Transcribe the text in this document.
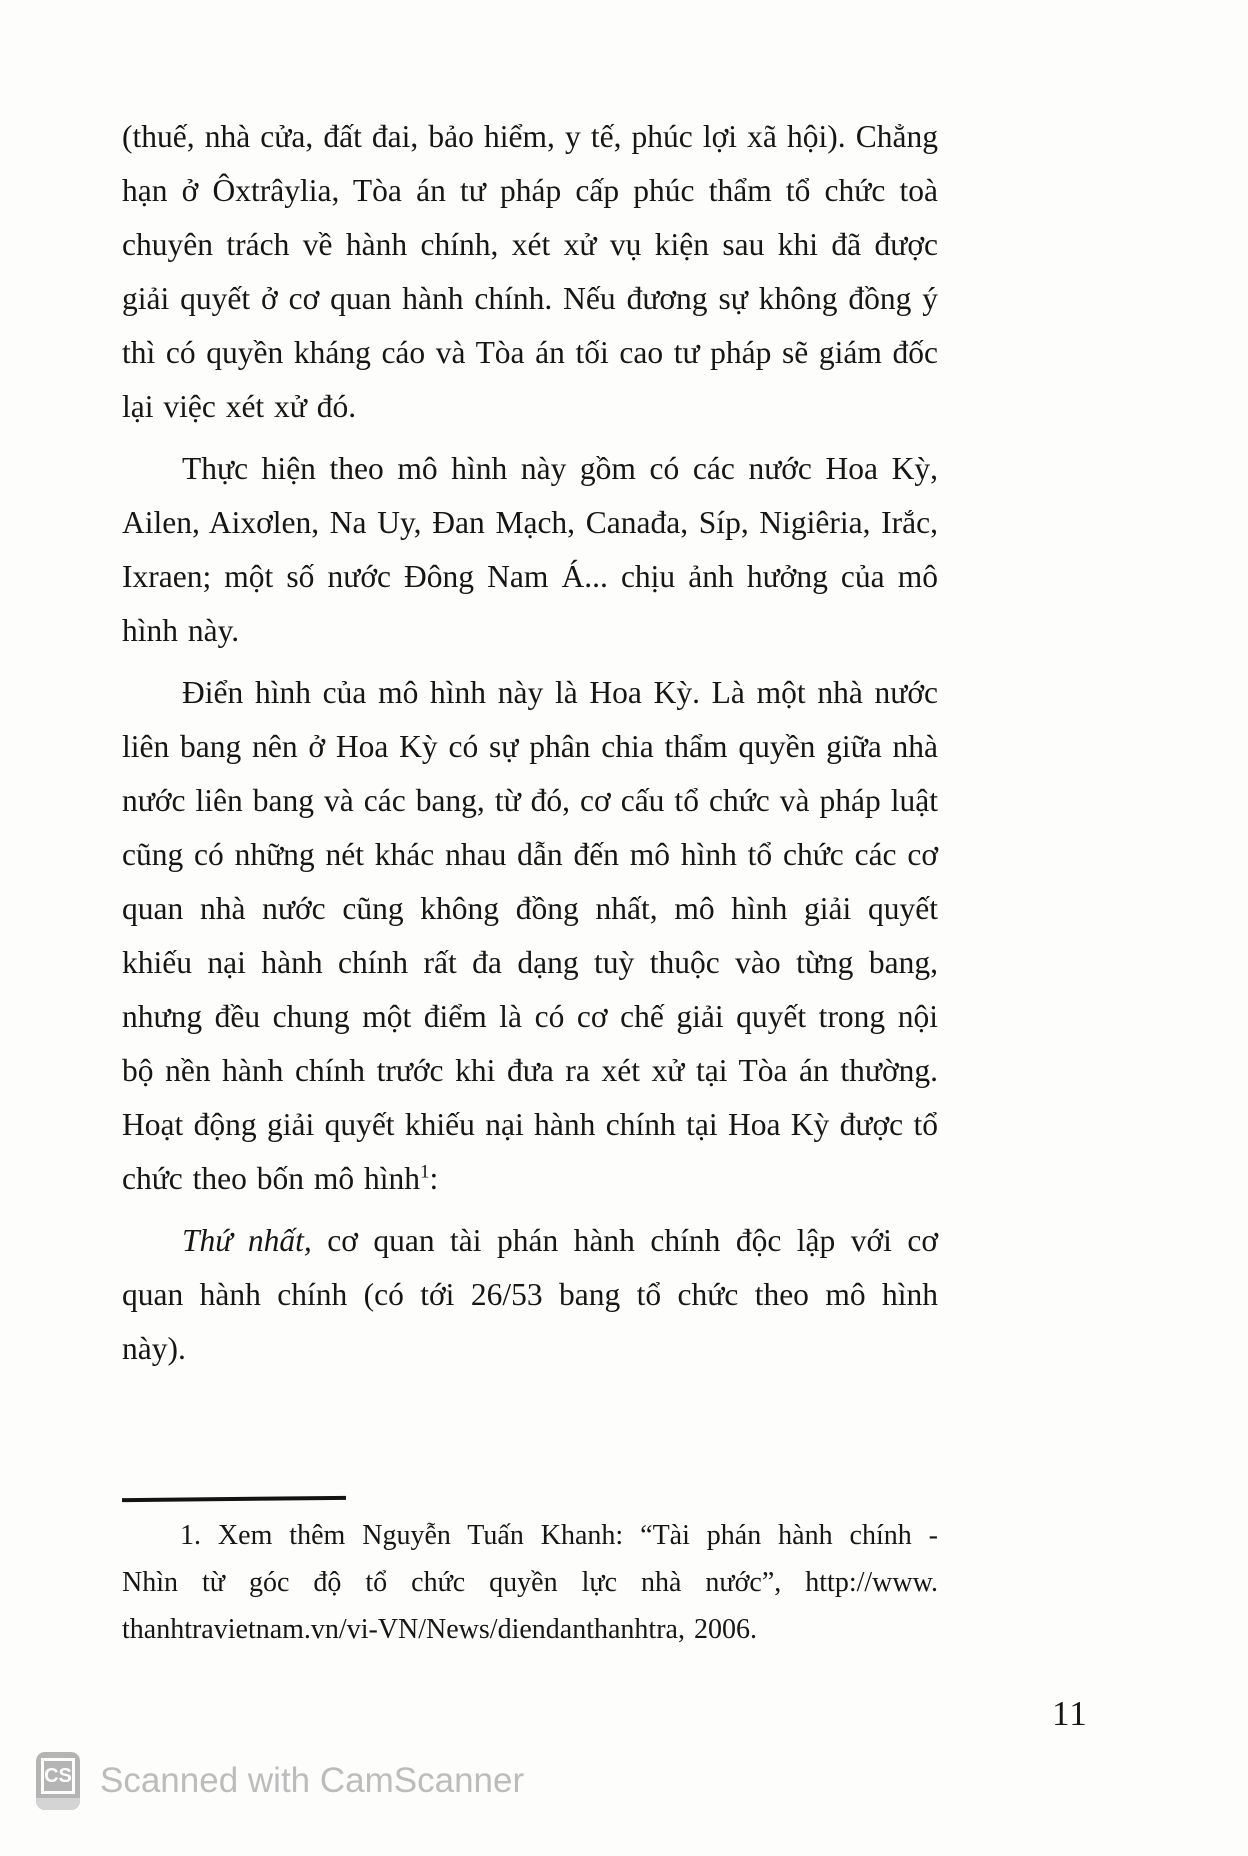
(thuế, nhà cửa, đất đai, bảo hiểm, y tế, phúc lợi xã hội). Chẳng hạn ở Ôxtrâylia, Tòa án tư pháp cấp phúc thẩm tổ chức toà chuyên trách về hành chính, xét xử vụ kiện sau khi đã được giải quyết ở cơ quan hành chính. Nếu đương sự không đồng ý thì có quyền kháng cáo và Tòa án tối cao tư pháp sẽ giám đốc lại việc xét xử đó.

Thực hiện theo mô hình này gồm có các nước Hoa Kỳ, Ailen, Aixơlen, Na Uy, Đan Mạch, Canađa, Síp, Nigiêria, Irắc, Ixraen; một số nước Đông Nam Á... chịu ảnh hưởng của mô hình này.

Điển hình của mô hình này là Hoa Kỳ. Là một nhà nước liên bang nên ở Hoa Kỳ có sự phân chia thẩm quyền giữa nhà nước liên bang và các bang, từ đó, cơ cấu tổ chức và pháp luật cũng có những nét khác nhau dẫn đến mô hình tổ chức các cơ quan nhà nước cũng không đồng nhất, mô hình giải quyết khiếu nại hành chính rất đa dạng tuỳ thuộc vào từng bang, nhưng đều chung một điểm là có cơ chế giải quyết trong nội bộ nền hành chính trước khi đưa ra xét xử tại Tòa án thường. Hoạt động giải quyết khiếu nại hành chính tại Hoa Kỳ được tổ chức theo bốn mô hình$^1$:

Thứ nhất, cơ quan tài phán hành chính độc lập với cơ quan hành chính (có tới 26/53 bang tổ chức theo mô hình này).

1. Xem thêm Nguyễn Tuấn Khanh: “Tài phán hành chính -
Nhìn từ góc độ tổ chức quyền lực nhà nước”, http://www.
thanhtravietnam.vn/vi-VN/News/diendanthanhtra, 2006.
11
CS Scanned with CamScanner
